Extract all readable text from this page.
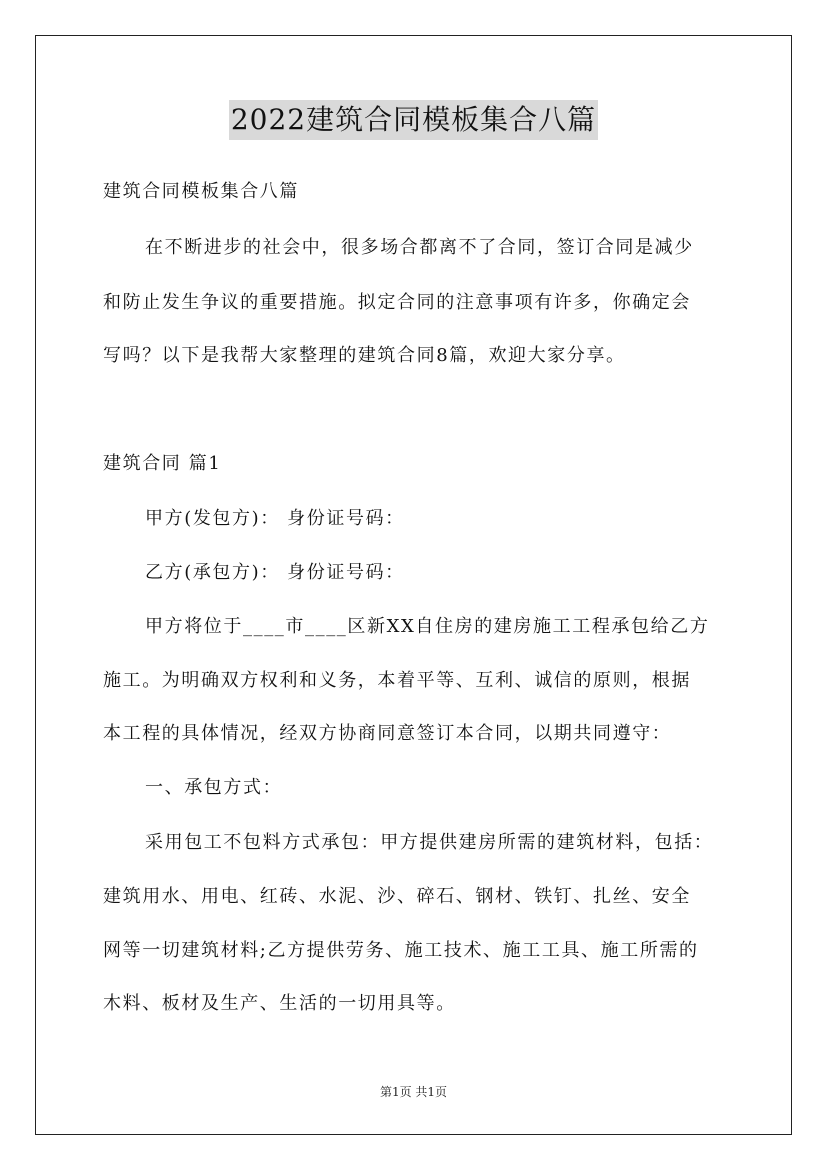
2022建筑合同模板集合八篇
建筑合同模板集合八篇
在不断进步的社会中，很多场合都离不了合同，签订合同是减少
和防止发生争议的重要措施。拟定合同的注意事项有许多，你确定会
写吗？以下是我帮大家整理的建筑合同8篇，欢迎大家分享。
建筑合同 篇1
甲方(发包方)： 身份证号码：
乙方(承包方)： 身份证号码：
甲方将位于____市____区新XX自住房的建房施工工程承包给乙方
施工。为明确双方权利和义务，本着平等、互利、诚信的原则，根据
本工程的具体情况，经双方协商同意签订本合同，以期共同遵守：
一、承包方式：
采用包工不包料方式承包：甲方提供建房所需的建筑材料，包括：
建筑用水、用电、红砖、水泥、沙、碎石、钢材、铁钉、扎丝、安全
网等一切建筑材料;乙方提供劳务、施工技术、施工工具、施工所需的
木料、板材及生产、生活的一切用具等。
第1页 共1页
